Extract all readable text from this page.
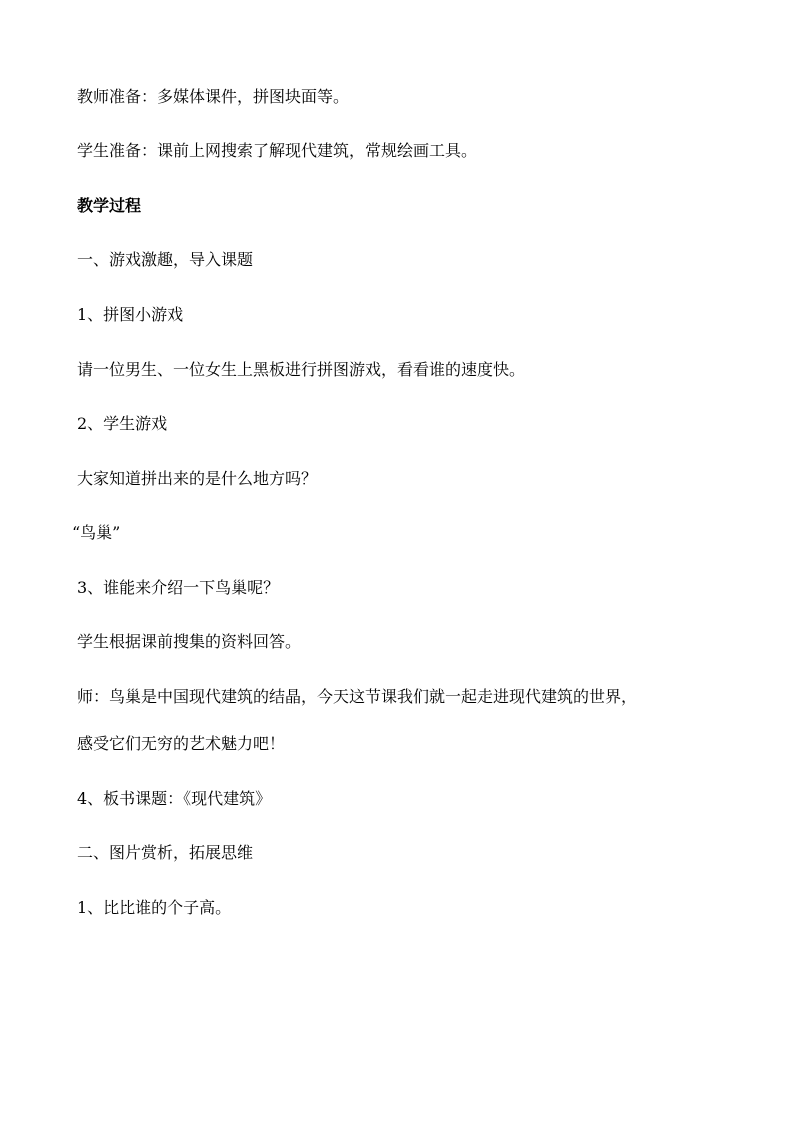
教师准备：多媒体课件，拼图块面等。
学生准备：课前上网搜索了解现代建筑，常规绘画工具。
教学过程
一、游戏激趣，导入课题
1、拼图小游戏
请一位男生、一位女生上黑板进行拼图游戏，看看谁的速度快。
2、学生游戏
大家知道拼出来的是什么地方吗？
“鸟巢”
3、谁能来介绍一下鸟巢呢？
学生根据课前搜集的资料回答。
师：鸟巢是中国现代建筑的结晶，今天这节课我们就一起走进现代建筑的世界，
感受它们无穷的艺术魅力吧！
4、板书课题：《现代建筑》
二、图片赏析，拓展思维
1、比比谁的个子高。
